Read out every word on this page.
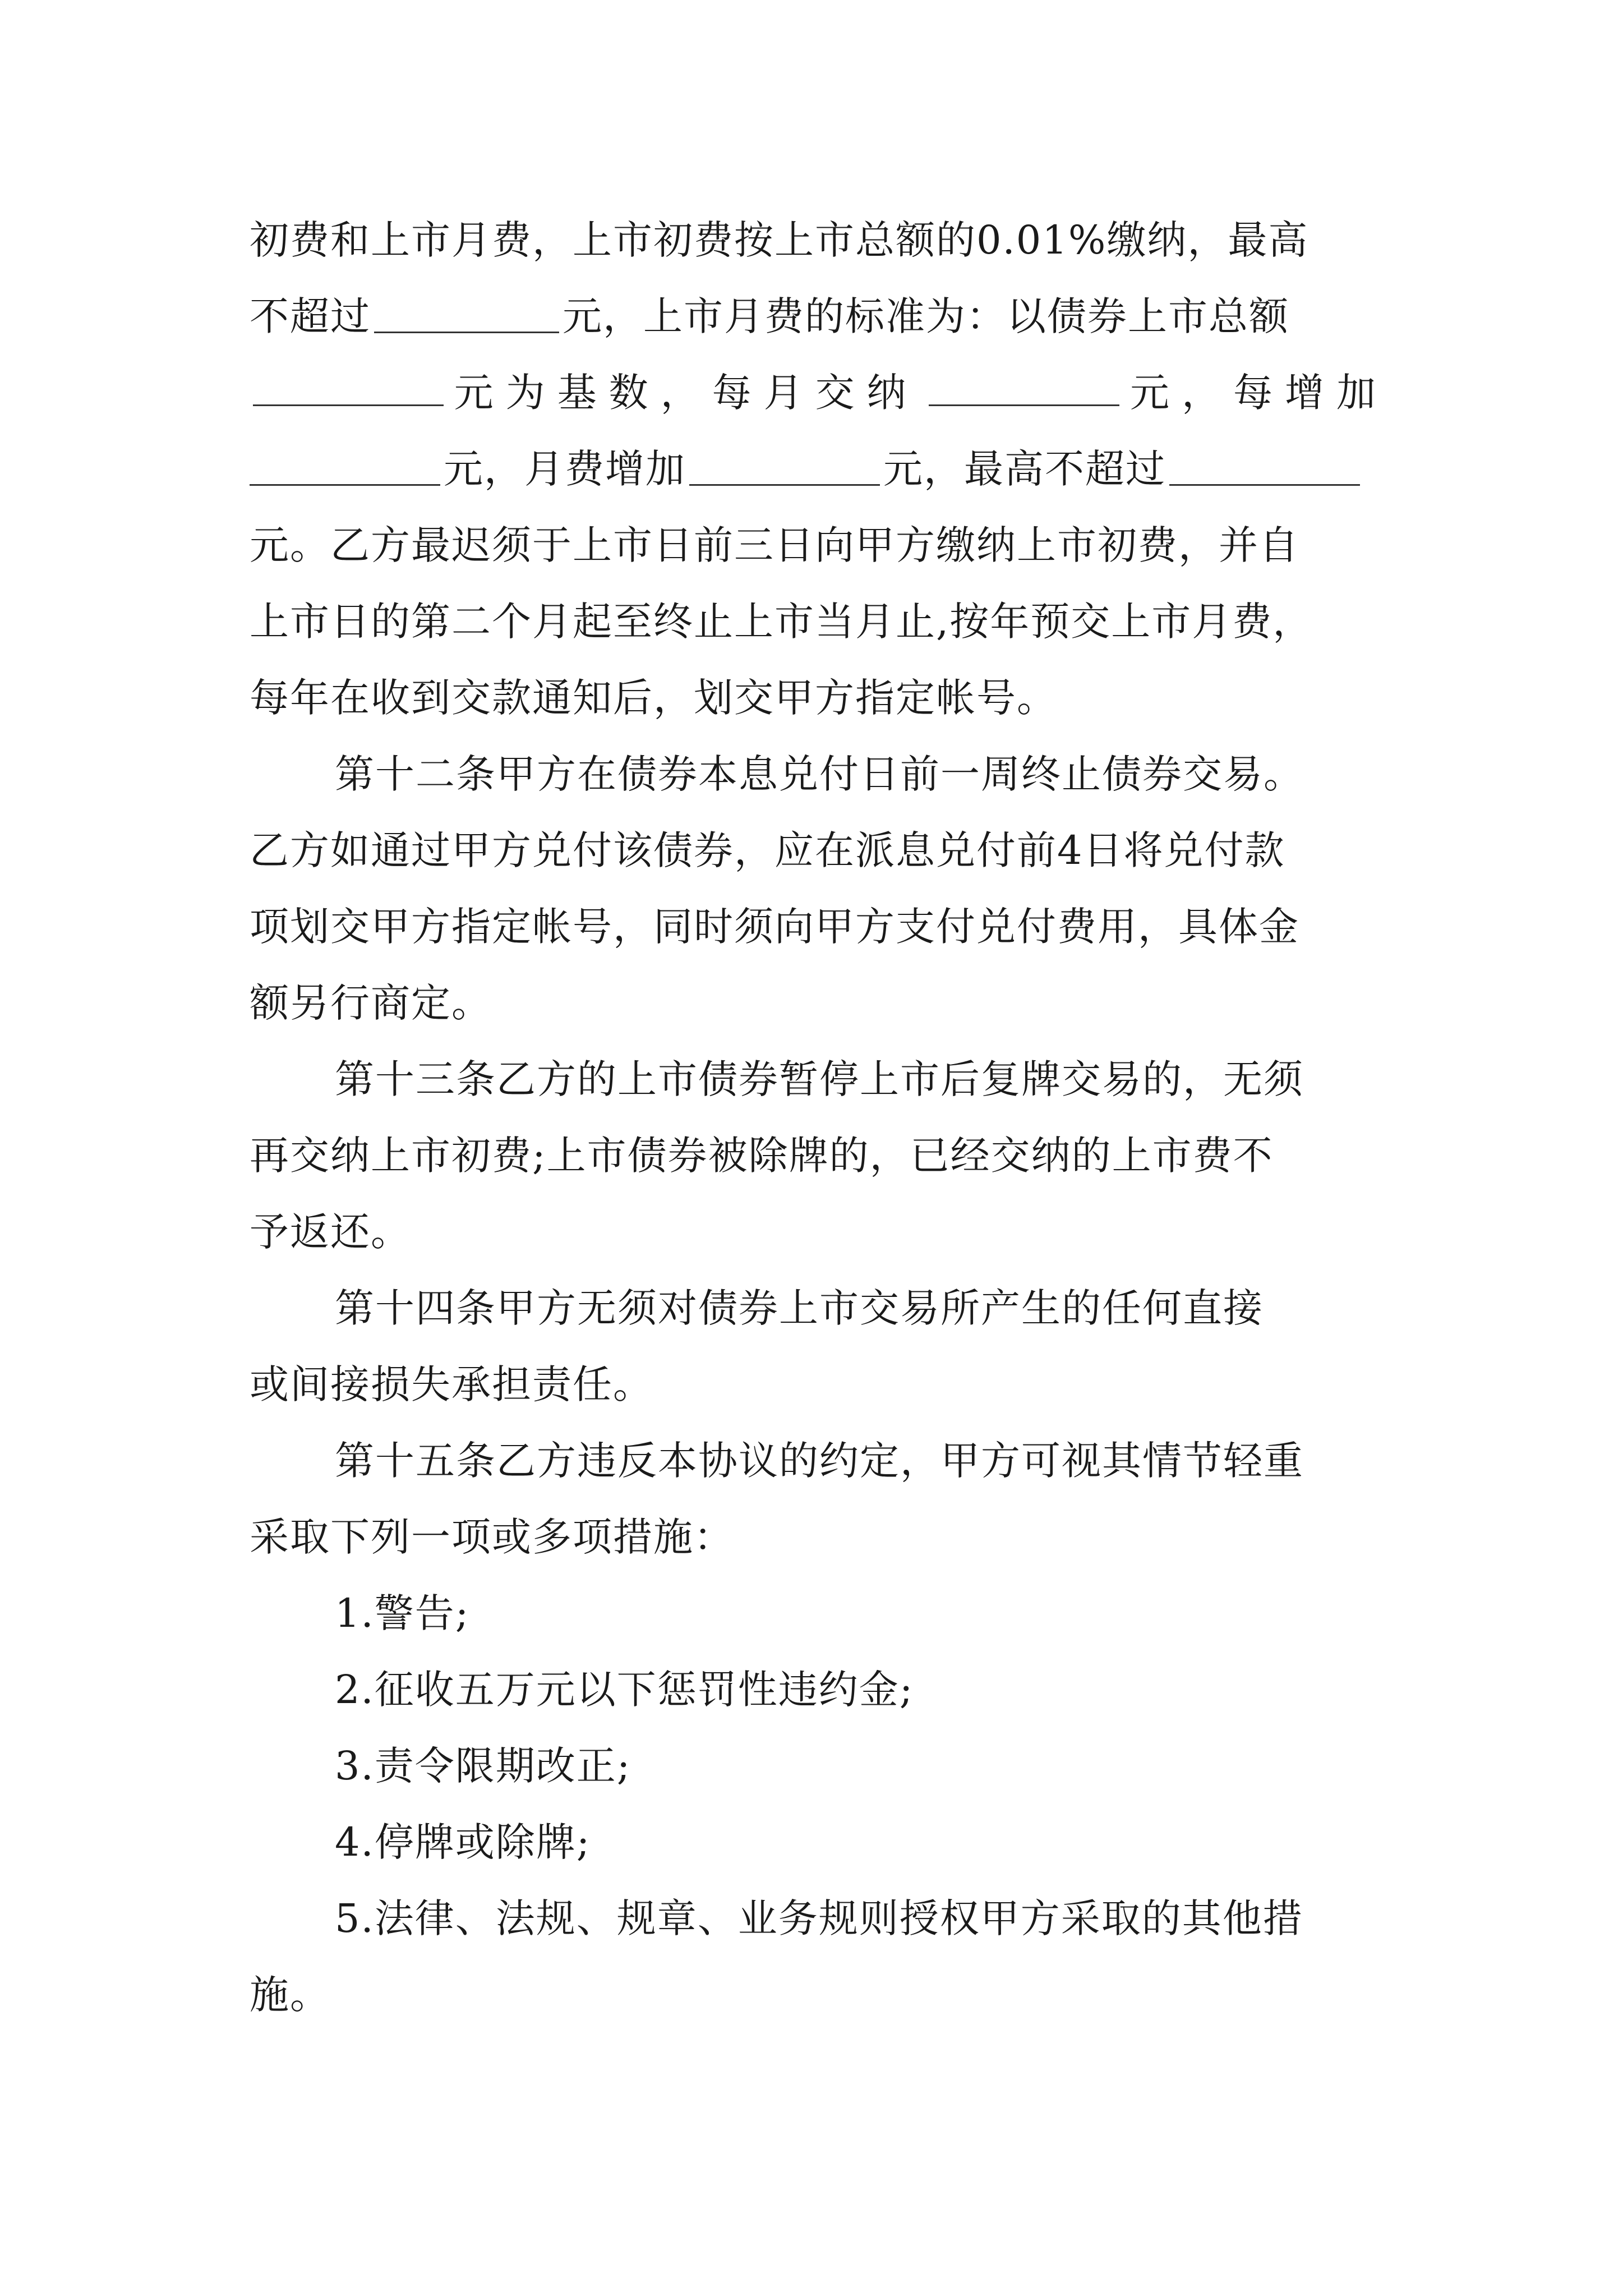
初费和上市月费，上市初费按上市总额的0.01%缴纳，最高
不超过	元，上市月费的标准为：以债券上市总额
元为基数，每月交纳	元，每增加
元，月费增加	元，最高不超过
元。乙方最迟须于上市日前三日向甲方缴纳上市初费，并自
上市日的第二个月起至终止上市当月止,按年预交上市月费，
每年在收到交款通知后，划交甲方指定帐号。
第十二条甲方在债券本息兑付日前一周终止债券交易。
乙方如通过甲方兑付该债券，应在派息兑付前4日将兑付款
项划交甲方指定帐号，同时须向甲方支付兑付费用，具体金
额另行商定。
第十三条乙方的上市债券暂停上市后复牌交易的，无须
再交纳上市初费;上市债券被除牌的，已经交纳的上市费不
予返还。
第十四条甲方无须对债券上市交易所产生的任何直接
或间接损失承担责任。
第十五条乙方违反本协议的约定，甲方可视其情节轻重
采取下列一项或多项措施：
1.警告;
2.征收五万元以下惩罚性违约金;
3.责令限期改正;
4.停牌或除牌;
5.法律、法规、规章、业务规则授权甲方采取的其他措
施。
